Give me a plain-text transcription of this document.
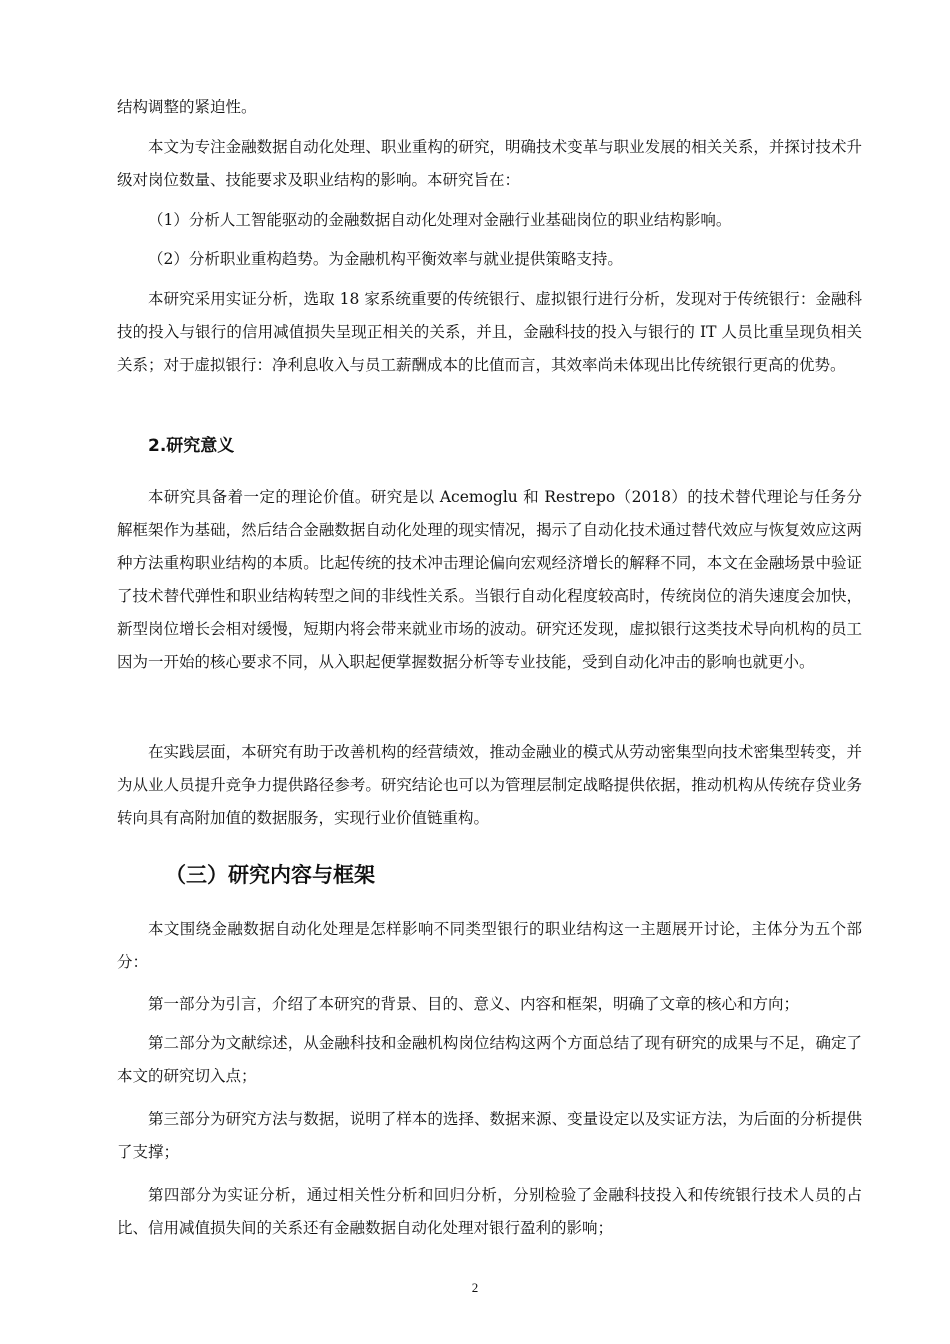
结构调整的紧迫性。

本文为专注金融数据自动化处理、职业重构的研究，明确技术变革与职业发展的相关关系，并探讨技术升级对岗位数量、技能要求及职业结构的影响。本研究旨在：

（1）分析人工智能驱动的金融数据自动化处理对金融行业基础岗位的职业结构影响。

（2）分析职业重构趋势。为金融机构平衡效率与就业提供策略支持。

本研究采用实证分析，选取 18 家系统重要的传统银行、虚拟银行进行分析，发现对于传统银行：金融科技的投入与银行的信用减值损失呈现正相关的关系，并且，金融科技的投入与银行的 IT 人员比重呈现负相关关系；对于虚拟银行：净利息收入与员工薪酬成本的比值而言，其效率尚未体现出比传统银行更高的优势。

2.研究意义

本研究具备着一定的理论价值。研究是以 Acemoglu 和 Restrepo（2018）的技术替代理论与任务分解框架作为基础，然后结合金融数据自动化处理的现实情况，揭示了自动化技术通过替代效应与恢复效应这两种方法重构职业结构的本质。比起传统的技术冲击理论偏向宏观经济增长的解释不同，本文在金融场景中验证了技术替代弹性和职业结构转型之间的非线性关系。当银行自动化程度较高时，传统岗位的消失速度会加快，新型岗位增长会相对缓慢，短期内将会带来就业市场的波动。研究还发现，虚拟银行这类技术导向机构的员工因为一开始的核心要求不同，从入职起便掌握数据分析等专业技能，受到自动化冲击的影响也就更小。

在实践层面，本研究有助于改善机构的经营绩效，推动金融业的模式从劳动密集型向技术密集型转变，并为从业人员提升竞争力提供路径参考。研究结论也可以为管理层制定战略提供依据，推动机构从传统存贷业务转向具有高附加值的数据服务，实现行业价值链重构。

（三）研究内容与框架

本文围绕金融数据自动化处理是怎样影响不同类型银行的职业结构这一主题展开讨论，主体分为五个部分：

第一部分为引言，介绍了本研究的背景、目的、意义、内容和框架，明确了文章的核心和方向；

第二部分为文献综述，从金融科技和金融机构岗位结构这两个方面总结了现有研究的成果与不足，确定了本文的研究切入点；

第三部分为研究方法与数据，说明了样本的选择、数据来源、变量设定以及实证方法，为后面的分析提供了支撑；

第四部分为实证分析，通过相关性分析和回归分析，分别检验了金融科技投入和传统银行技术人员的占比、信用减值损失间的关系还有金融数据自动化处理对银行盈利的影响；

2
